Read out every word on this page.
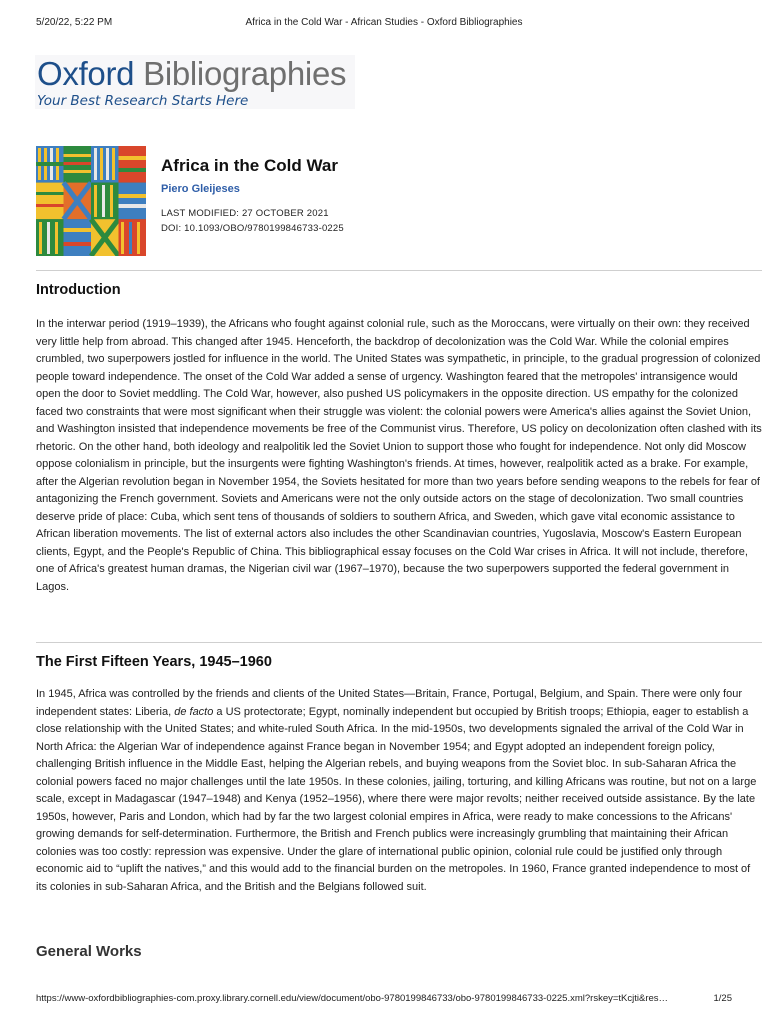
5/20/22, 5:22 PM	Africa in the Cold War - African Studies - Oxford Bibliographies
Oxford Bibliographies
Your Best Research Starts Here
Africa in the Cold War
Piero Gleijeses
LAST MODIFIED: 27 OCTOBER 2021
DOI: 10.1093/OBO/9780199846733-0225
Introduction

In the interwar period (1919–1939), the Africans who fought against colonial rule, such as the Moroccans, were virtually on their own: they received very little help from abroad. This changed after 1945. Henceforth, the backdrop of decolonization was the Cold War. While the colonial empires crumbled, two superpowers jostled for influence in the world. The United States was sympathetic, in principle, to the gradual progression of colonized people toward independence. The onset of the Cold War added a sense of urgency. Washington feared that the metropoles' intransigence would open the door to Soviet meddling. The Cold War, however, also pushed US policymakers in the opposite direction. US empathy for the colonized faced two constraints that were most significant when their struggle was violent: the colonial powers were America's allies against the Soviet Union, and Washington insisted that independence movements be free of the Communist virus. Therefore, US policy on decolonization often clashed with its rhetoric. On the other hand, both ideology and realpolitik led the Soviet Union to support those who fought for independence. Not only did Moscow oppose colonialism in principle, but the insurgents were fighting Washington's friends. At times, however, realpolitik acted as a brake. For example, after the Algerian revolution began in November 1954, the Soviets hesitated for more than two years before sending weapons to the rebels for fear of antagonizing the French government. Soviets and Americans were not the only outside actors on the stage of decolonization. Two small countries deserve pride of place: Cuba, which sent tens of thousands of soldiers to southern Africa, and Sweden, which gave vital economic assistance to African liberation movements. The list of external actors also includes the other Scandinavian countries, Yugoslavia, Moscow's Eastern European clients, Egypt, and the People's Republic of China. This bibliographical essay focuses on the Cold War crises in Africa. It will not include, therefore, one of Africa's greatest human dramas, the Nigerian civil war (1967–1970), because the two superpowers supported the federal government in Lagos.

The First Fifteen Years, 1945–1960

In 1945, Africa was controlled by the friends and clients of the United States—Britain, France, Portugal, Belgium, and Spain. There were only four independent states: Liberia, de facto a US protectorate; Egypt, nominally independent but occupied by British troops; Ethiopia, eager to establish a close relationship with the United States; and white-ruled South Africa. In the mid-1950s, two developments signaled the arrival of the Cold War in North Africa: the Algerian War of independence against France began in November 1954; and Egypt adopted an independent foreign policy, challenging British influence in the Middle East, helping the Algerian rebels, and buying weapons from the Soviet bloc. In sub-Saharan Africa the colonial powers faced no major challenges until the late 1950s. In these colonies, jailing, torturing, and killing Africans was routine, but not on a large scale, except in Madagascar (1947–1948) and Kenya (1952–1956), where there were major revolts; neither received outside assistance. By the late 1950s, however, Paris and London, which had by far the two largest colonial empires in Africa, were ready to make concessions to the Africans' growing demands for self-determination. Furthermore, the British and French publics were increasingly grumbling that maintaining their African colonies was too costly: repression was expensive. Under the glare of international public opinion, colonial rule could be justified only through economic aid to “uplift the natives,” and this would add to the financial burden on the metropoles. In 1960, France granted independence to most of its colonies in sub-Saharan Africa, and the British and the Belgians followed suit.

General Works
https://www-oxfordbibliographies-com.proxy.library.cornell.edu/view/document/obo-9780199846733/obo-9780199846733-0225.xml?rskey=tKcjti&res…	1/25
